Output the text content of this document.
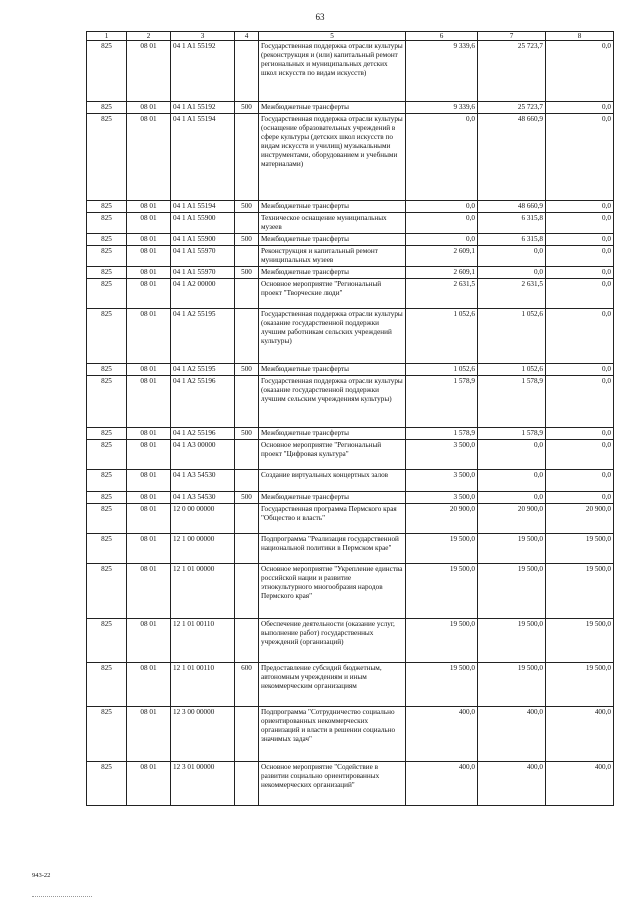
63
1	2	3	4	5	6	7	8
825	08 01	04 1 A1 55192		Государственная поддержка отрасли культуры (реконструкция и (или) капитальный ремонт региональных и муниципальных детских школ искусств по видам искусств)	9 339,6	25 723,7	0,0
825	08 01	04 1 A1 55192	500	Межбюджетные трансферты	9 339,6	25 723,7	0,0
825	08 01	04 1 A1 55194		Государственная поддержка отрасли культуры (оснащение образовательных учреждений в сфере культуры (детских школ искусств по видам искусств и училищ) музыкальными инструментами, оборудованием и учебными материалами)	0,0	48 660,9	0,0
825	08 01	04 1 A1 55194	500	Межбюджетные трансферты	0,0	48 660,9	0,0
825	08 01	04 1 A1 55900		Техническое оснащение муниципальных музеев	0,0	6 315,8	0,0
825	08 01	04 1 A1 55900	500	Межбюджетные трансферты	0,0	6 315,8	0,0
825	08 01	04 1 A1 55970		Реконструкция и капитальный ремонт муниципальных музеев	2 609,1	0,0	0,0
825	08 01	04 1 A1 55970	500	Межбюджетные трансферты	2 609,1	0,0	0,0
825	08 01	04 1 A2 00000		Основное мероприятие "Региональный проект "Творческие люди"	2 631,5	2 631,5	0,0
825	08 01	04 1 A2 55195		Государственная поддержка отрасли культуры (оказание государственной поддержки лучшим работникам сельских учреждений культуры)	1 052,6	1 052,6	0,0
825	08 01	04 1 A2 55195	500	Межбюджетные трансферты	1 052,6	1 052,6	0,0
825	08 01	04 1 A2 55196		Государственная поддержка отрасли культуры (оказание государственной поддержки лучшим сельским учреждениям культуры)	1 578,9	1 578,9	0,0
825	08 01	04 1 A2 55196	500	Межбюджетные трансферты	1 578,9	1 578,9	0,0
825	08 01	04 1 A3 00000		Основное мероприятие "Региональный проект "Цифровая культура"	3 500,0	0,0	0,0
825	08 01	04 1 A3 54530		Создание виртуальных концертных залов	3 500,0	0,0	0,0
825	08 01	04 1 A3 54530	500	Межбюджетные трансферты	3 500,0	0,0	0,0
825	08 01	12 0 00 00000		Государственная программа Пермского края "Общество и власть"	20 900,0	20 900,0	20 900,0
825	08 01	12 1 00 00000		Подпрограмма "Реализация государственной национальной политики в Пермском крае"	19 500,0	19 500,0	19 500,0
825	08 01	12 1 01 00000		Основное мероприятие "Укрепление единства российской нации и развитие этнокультурного многообразия народов Пермского края"	19 500,0	19 500,0	19 500,0
825	08 01	12 1 01 00110		Обеспечение деятельности (оказание услуг, выполнение работ) государственных учреждений (организаций)	19 500,0	19 500,0	19 500,0
825	08 01	12 1 01 00110	600	Предоставление субсидий бюджетным, автономным учреждениям и иным некоммерческим организациям	19 500,0	19 500,0	19 500,0
825	08 01	12 3 00 00000		Подпрограмма "Сотрудничество социально ориентированных некоммерческих организаций и власти в решении социально значимых задач"	400,0	400,0	400,0
825	08 01	12 3 01 00000		Основное мероприятие "Содействие в развитии социально ориентированных некоммерческих организаций"	400,0	400,0	400,0
943-22
